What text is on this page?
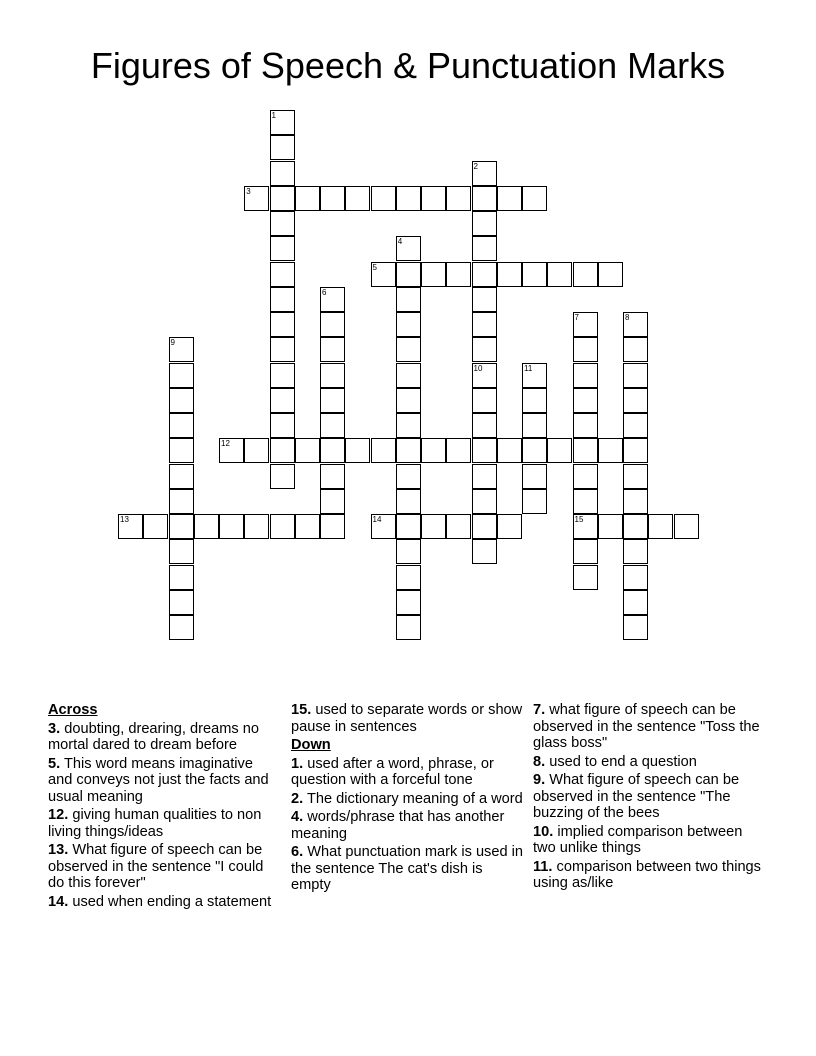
Figures of Speech & Punctuation Marks
1
2
3
4
5
6
7
15
8
9
10	11
12
13	14
Across
3. doubting, drearing, dreams no mortal dared to dream before
5. This word means imaginative and conveys not just the facts and usual meaning
12. giving human qualities to non living things/ideas
13. What figure of speech can be observed in the sentence "I could do this forever"
14. used when ending a statement
15. used to separate words or show pause in sentences
Down
1. used after a word, phrase, or question with a forceful tone
2. The dictionary meaning of a word
4. words/phrase that has another meaning
6. What punctuation mark is used in the sentence The cat's dish is empty
7. what figure of speech can be observed in the sentence "Toss the glass boss"
8. used to end a question
9. What figure of speech can be observed in the sentence "The buzzing of the bees
10. implied comparison between two unlike things
11. comparison between two things using as/like
